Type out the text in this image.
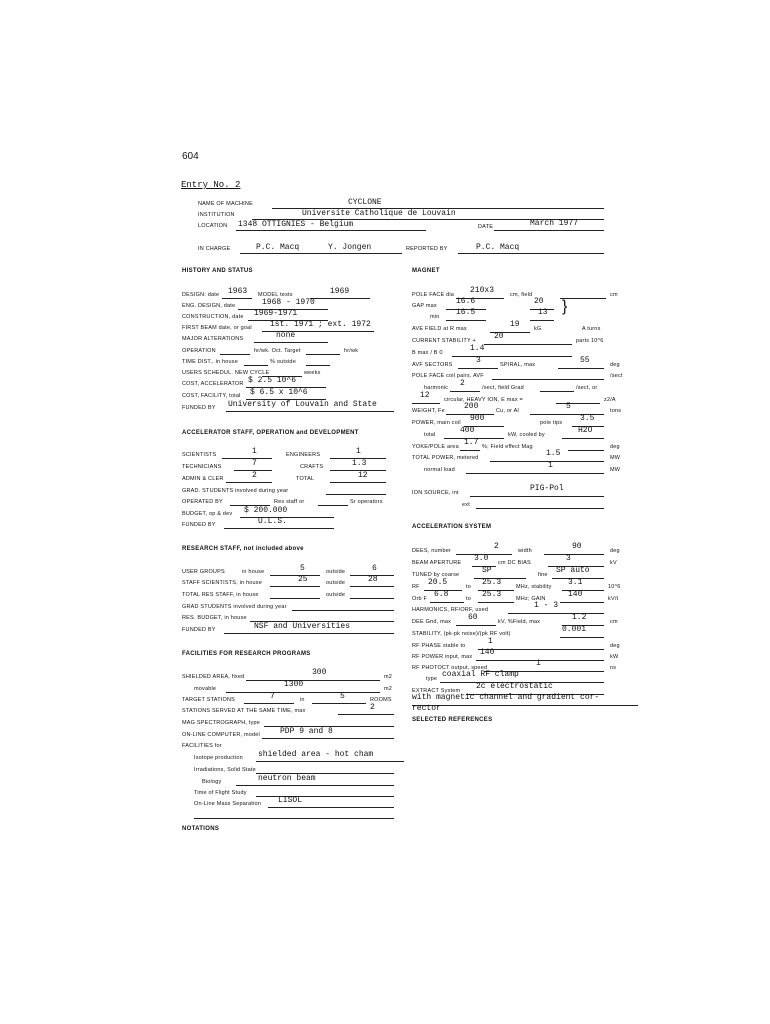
604
Entry No. 2
NAME OF MACHINE	CYCLONE
INSTITUTION	Universite Catholique de Louvain
LOCATION 1348 OTTIGNIES - Belgium	DATE	March 1977
IN CHARGE	P.C. Macq	Y. Jongen	REPORTED BY	P.C. Macq
HISTORY AND STATUS
DESIGN: date 1963 MODEL tests	1969
ENG. DESIGN, date	1968 - 1970
CONSTRUCTION, date 1969-1971
FIRST BEAM date, or goal 1st. 1971 ; ext. 1972
MAJOR ALTERATIONS	none
OPERATION	hr/wk. Oct. Target	hr/wk
TIME DIST., in house	% outside
USERS SCHEDUL. NEW CYCLE	weeks
COST, ACCELERATOR $ 2.5 10^6
COST, FACILITY, total $ 6.5 x 10^6
FUNDED BY University of Louvain and State
ACCELERATOR STAFF, OPERATION and DEVELOPMENT
SCIENTISTS	1	ENGINEERS	1
TECHNICIANS	7	CRAFTS	1.3
ADMIN & CLER	2	TOTAL	12
GRAD. STUDENTS involved during year
OPERATED BY	Res staff or	Sr operators
BUDGET, op & dev $ 200.000
FUNDED BY	U.L.S.
RESEARCH STAFF, not included above
USER GROUPS	in house	5	outside	6
STAFF SCIENTISTS, in house	25	outside	28
TOTAL RES STAFF, in house	outside
GRAD STUDENTS involved during year
RES. BUDGET, in house
FUNDED BY	NSF and Universities
FACILITIES FOR RESEARCH PROGRAMS
SHIELDED AREA, fixed	300	m2
movable	1300	m2
TARGET STATIONS	7	in	5	ROOMS
STATIONS SERVED AT THE SAME TIME, max	2
MAG SPECTROGRAPH, type
ON-LINE COMPUTER, model	PDP 9 and 8
FACILITIES for
Isotope production shielded area - hot cham
Irradiations, Solid State
Biology	neutron beam
Time of Flight Study
On-Line Mass Separation LISOL
NOTATIONS
MAGNET
POLE FACE dia 210x3	cm, field	cm
GAP max 16.6	20
min 16.5	13 }
AVE FIELD at R max	19	kG	A turns
CURRENT STABILITY + 20	parts 10^6
B max / B 0	1.4
AVF SECTORS	3	SPIRAL, max	55	deg
POLE FACE coil pairs, AVF	/sect
harmonic 2	/sect, field Grad	/sect, or
12	circular, HEAVY ION, E max =	z2/A
WEIGHT, Fe 200	Cu, or Al	5	tons
POWER, main coil 900	pole tips 3.5
total	400	kW, cooled by	H2O
YOKE/POLE area 1.7 %; Field effect Mag	deg
TOTAL POWER, metered	1.5	MW
normal load	1	MW
ION SOURCE, int	PIG-Pol
ext
ACCELERATION SYSTEM
DEES, number	2	width	90	deg
BEAM APERTURE 3.0 cm DC BIAS	3	kV
TUNED by coarse	SP	fine SP auto
RF 20.5	to 25.3	MHz, stability 3.1	10^6
Orb F 6.8	to 25.3	MHz; GAIN	140	kV/t
HARMONICS, RF/ORF, used	1 - 3
DEE Gnd, max 60	kV, %Field, max	1.2	cm
STABILITY, (pk-pk noise)/(pk RF volt)	0.001
RF PHASE stable to	1	deg
RF POWER input, max 140	kW
RF PHOTOCT output, speed	1	ns
type coaxial RF clamp
EXTRACT System 2c electrostatic
with magnetic channel and gradient cor-
rector
SELECTED REFERENCES
